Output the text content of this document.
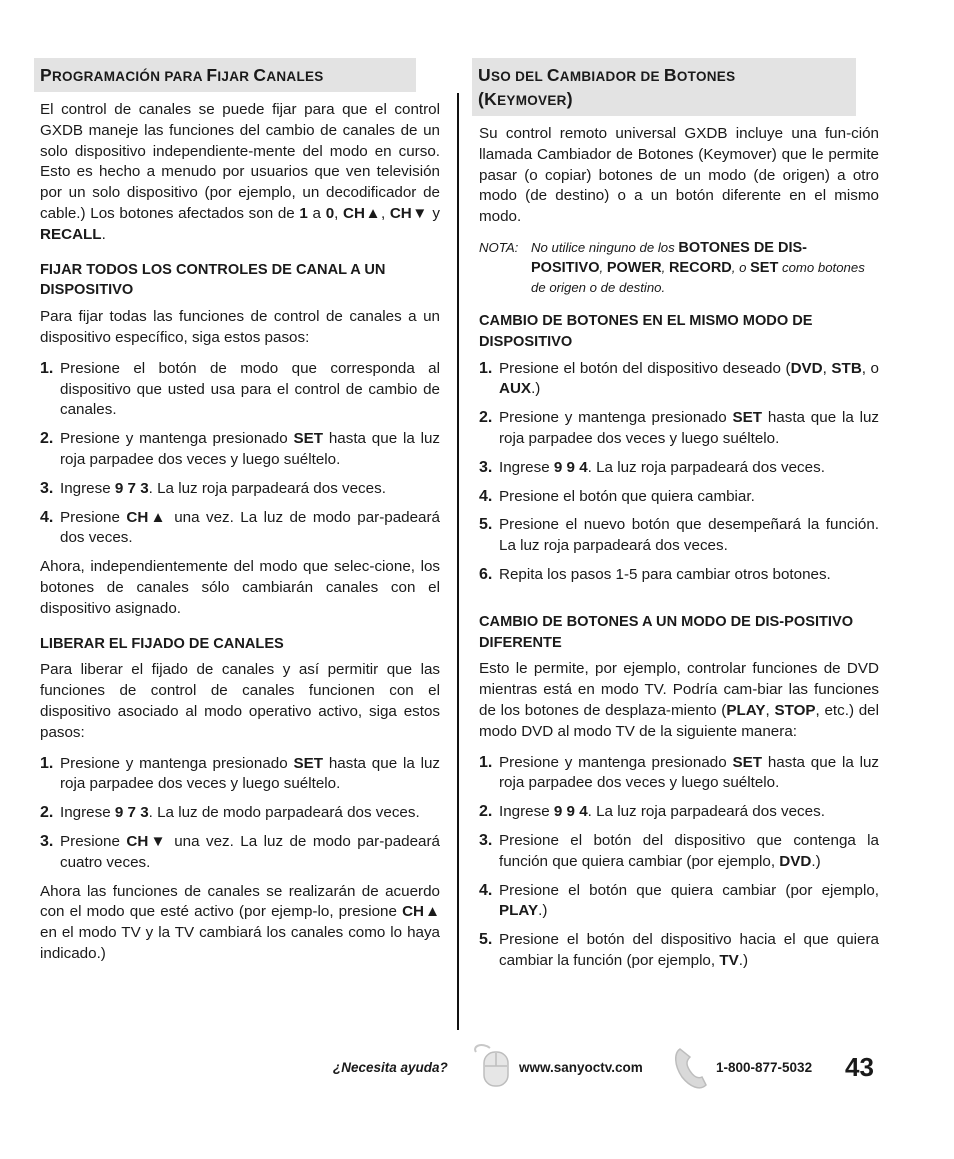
PROGRAMACIÓN PARA FIJAR CANALES

El control de canales se puede fijar para que el control GXDB maneje las funciones del cambio de canales de un solo dispositivo independiente-mente del modo en curso. Esto es hecho a menudo por usuarios que ven televisión por un solo dispositivo (por ejemplo, un decodificador de cable.) Los botones afectados son de 1 a 0, CH▲, CH▼ y RECALL.

FIJAR TODOS LOS CONTROLES DE CANAL A UN DISPOSITIVO

Para fijar todas las funciones de control de canales a un dispositivo específico, siga estos pasos:

1. Presione el botón de modo que corresponda al dispositivo que usted usa para el control de cambio de canales.
2. Presione y mantenga presionado SET hasta que la luz roja parpadee dos veces y luego suéltelo.
3. Ingrese 9 7 3. La luz roja parpadeará dos veces.
4. Presione CH▲ una vez. La luz de modo par-padeará dos veces.

Ahora, independientemente del modo que selec-cione, los botones de canales sólo cambiarán canales con el dispositivo asignado.

LIBERAR EL FIJADO DE CANALES

Para liberar el fijado de canales y así permitir que las funciones de control de canales funcionen con el dispositivo asociado al modo operativo activo, siga estos pasos:

1. Presione y mantenga presionado SET hasta que la luz roja parpadee dos veces y luego suéltelo.
2. Ingrese 9 7 3. La luz de modo parpadeará dos veces.
3. Presione CH▼ una vez. La luz de modo par-padeará cuatro veces.

Ahora las funciones de canales se realizarán de acuerdo con el modo que esté activo (por ejemp-lo, presione CH▲ en el modo TV y la TV cambiará los canales como lo haya indicado.)

USO DEL CAMBIADOR DE BOTONES
(KEYMOVER)

Su control remoto universal GXDB incluye una fun-ción llamada Cambiador de Botones (Keymover) que le permite pasar (o copiar) botones de un modo (de origen) a otro modo (de destino) o a un botón diferente en el mismo modo.

NOTA: No utilice ninguno de los BOTONES DE DIS-POSITIVO, POWER, RECORD, o SET como botones de origen o de destino.
CAMBIO DE BOTONES EN EL MISMO MODO DE DISPOSITIVO
1. Presione el botón del dispositivo deseado (DVD, STB, o AUX.)
2. Presione y mantenga presionado SET hasta que la luz roja parpadee dos veces y luego suéltelo.
3. Ingrese 9 9 4. La luz roja parpadeará dos veces.
4. Presione el botón que quiera cambiar.
5. Presione el nuevo botón que desempeñará la función. La luz roja parpadeará dos veces.
6. Repita los pasos 1-5 para cambiar otros botones.
CAMBIO DE BOTONES A UN MODO DE DIS-POSITIVO DIFERENTE

Esto le permite, por ejemplo, controlar funciones de DVD mientras está en modo TV. Podría cam-biar las funciones de los botones de desplaza-miento (PLAY, STOP, etc.) del modo DVD al modo TV de la siguiente manera:

1. Presione y mantenga presionado SET hasta que la luz roja parpadee dos veces y luego suéltelo.
2. Ingrese 9 9 4. La luz roja parpadeará dos veces.
3. Presione el botón del dispositivo que contenga la función que quiera cambiar (por ejemplo, DVD.)
4. Presione el botón que quiera cambiar (por ejemplo, PLAY.)
5. Presione el botón del dispositivo hacia el que quiera cambiar la función (por ejemplo, TV.)
¿Necesita ayuda?	www.sanyoctv.com	1-800-877-5032 43
